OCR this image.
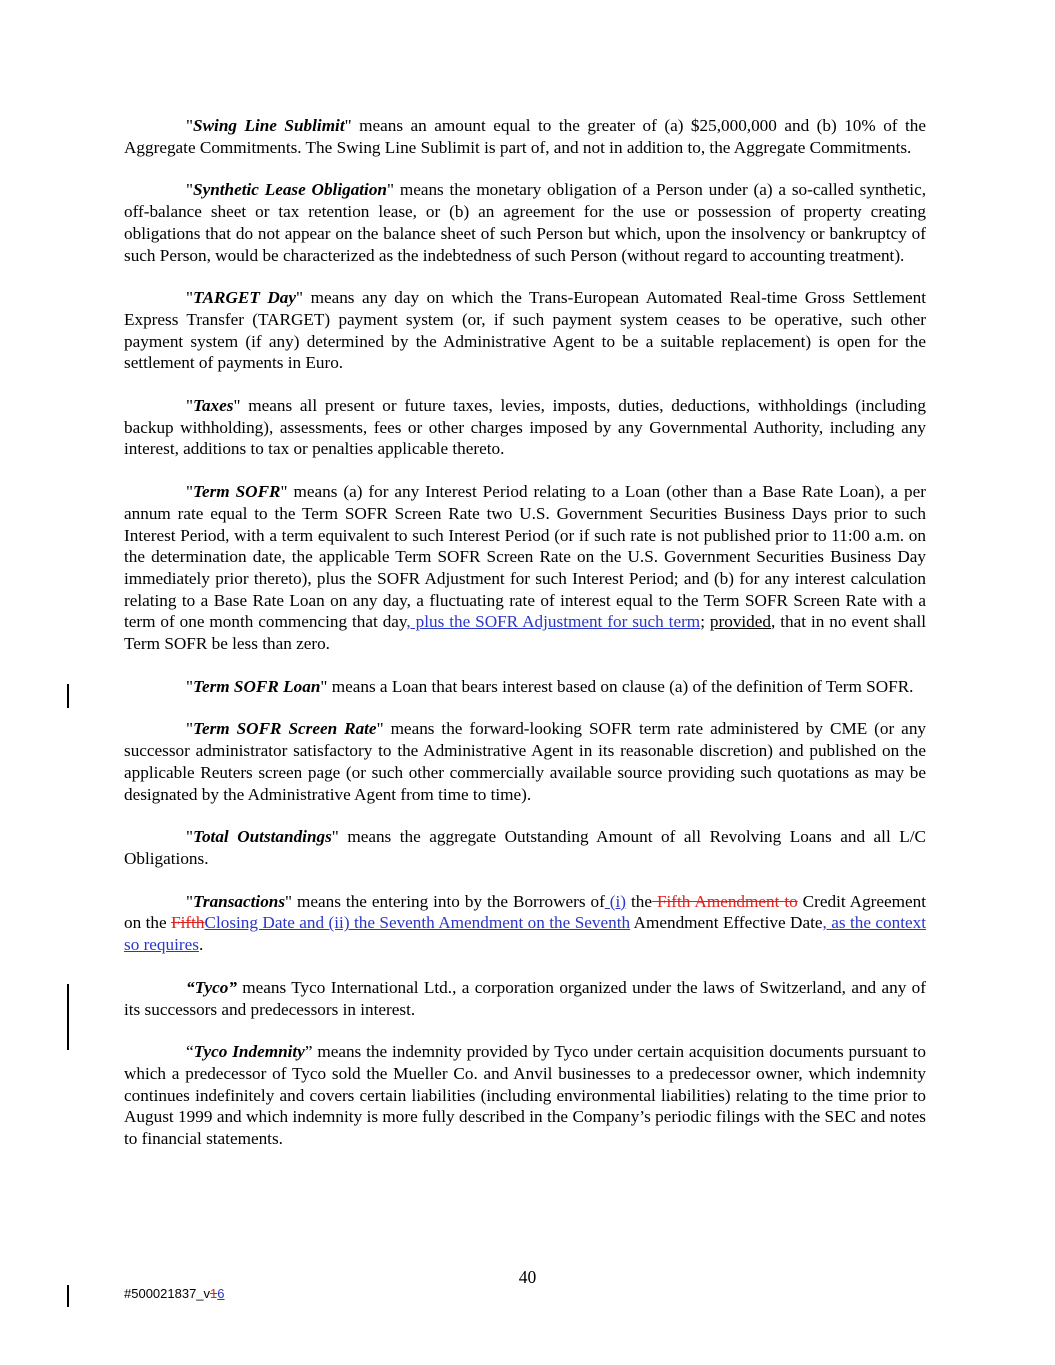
"Swing Line Sublimit" means an amount equal to the greater of (a) $25,000,000 and (b) 10% of the Aggregate Commitments. The Swing Line Sublimit is part of, and not in addition to, the Aggregate Commitments.

"Synthetic Lease Obligation" means the monetary obligation of a Person under (a) a so-called synthetic, off-balance sheet or tax retention lease, or (b) an agreement for the use or possession of property creating obligations that do not appear on the balance sheet of such Person but which, upon the insolvency or bankruptcy of such Person, would be characterized as the indebtedness of such Person (without regard to accounting treatment).

"TARGET Day" means any day on which the Trans-European Automated Real-time Gross Settlement Express Transfer (TARGET) payment system (or, if such payment system ceases to be operative, such other payment system (if any) determined by the Administrative Agent to be a suitable replacement) is open for the settlement of payments in Euro.

"Taxes" means all present or future taxes, levies, imposts, duties, deductions, withholdings (including backup withholding), assessments, fees or other charges imposed by any Governmental Authority, including any interest, additions to tax or penalties applicable thereto.

"Term SOFR" means (a) for any Interest Period relating to a Loan (other than a Base Rate Loan), a per annum rate equal to the Term SOFR Screen Rate two U.S. Government Securities Business Days prior to such Interest Period, with a term equivalent to such Interest Period (or if such rate is not published prior to 11:00 a.m. on the determination date, the applicable Term SOFR Screen Rate on the U.S. Government Securities Business Day immediately prior thereto), plus the SOFR Adjustment for such Interest Period; and (b) for any interest calculation relating to a Base Rate Loan on any day, a fluctuating rate of interest equal to the Term SOFR Screen Rate with a term of one month commencing that day, plus the SOFR Adjustment for such term; provided, that in no event shall Term SOFR be less than zero.

"Term SOFR Loan" means a Loan that bears interest based on clause (a) of the definition of Term SOFR.

"Term SOFR Screen Rate" means the forward-looking SOFR term rate administered by CME (or any successor administrator satisfactory to the Administrative Agent in its reasonable discretion) and published on the applicable Reuters screen page (or such other commercially available source providing such quotations as may be designated by the Administrative Agent from time to time).

"Total Outstandings" means the aggregate Outstanding Amount of all Revolving Loans and all L/C Obligations.

"Transactions" means the entering into by the Borrowers of (i) the Fifth Amendment to Credit Agreement on the FifthClosing Date and (ii) the Seventh Amendment on the Seventh Amendment Effective Date, as the context so requires.

“Tyco” means Tyco International Ltd., a corporation organized under the laws of Switzerland, and any of its successors and predecessors in interest.

“Tyco Indemnity” means the indemnity provided by Tyco under certain acquisition documents pursuant to which a predecessor of Tyco sold the Mueller Co. and Anvil businesses to a predecessor owner, which indemnity continues indefinitely and covers certain liabilities (including environmental liabilities) relating to the time prior to August 1999 and which indemnity is more fully described in the Company’s periodic filings with the SEC and notes to financial statements.

40
#500021837_v16
